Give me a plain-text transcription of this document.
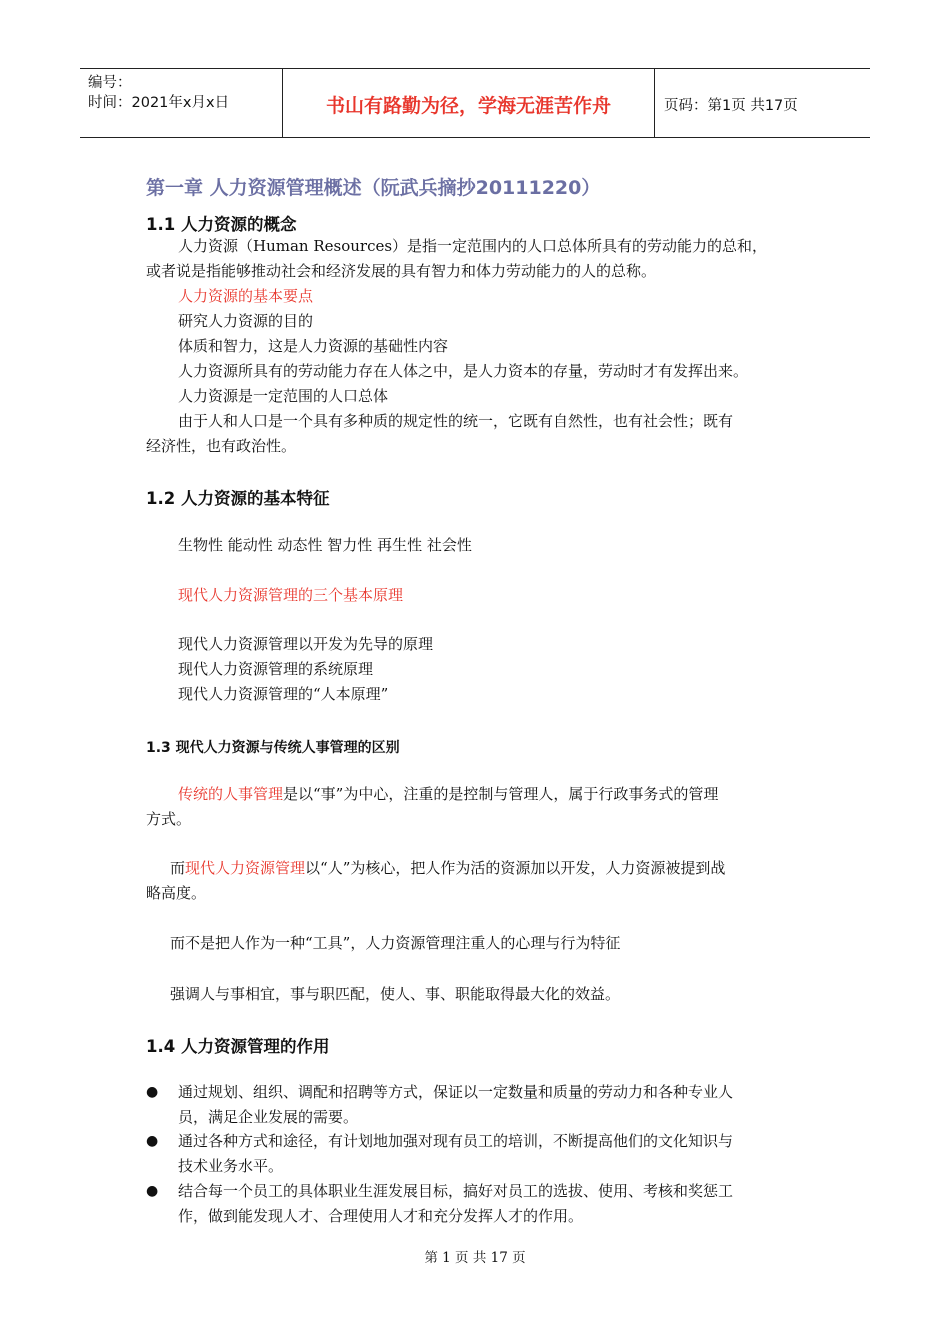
编号：
时间：2021年x月x日	书山有路勤为径，学海无涯苦作舟	页码：第1页 共17页
第一章 人力资源管理概述（阮武兵摘抄20111220）
1.1 人力资源的概念
人力资源（Human Resources）是指一定范围内的人口总体所具有的劳动能力的总和，
或者说是指能够推动社会和经济发展的具有智力和体力劳动能力的人的总称。
人力资源的基本要点
研究人力资源的目的
体质和智力，这是人力资源的基础性内容
人力资源所具有的劳动能力存在人体之中，是人力资本的存量，劳动时才有发挥出来。
人力资源是一定范围的人口总体
由于人和人口是一个具有多种质的规定性的统一，它既有自然性，也有社会性；既有
经济性，也有政治性。
1.2 人力资源的基本特征
生物性 能动性 动态性 智力性 再生性 社会性
现代人力资源管理的三个基本原理
现代人力资源管理以开发为先导的原理
现代人力资源管理的系统原理
现代人力资源管理的“人本原理”
1.3 现代人力资源与传统人事管理的区别
传统的人事管理是以“事”为中心，注重的是控制与管理人，属于行政事务式的管理
方式。
而现代人力资源管理以“人”为核心，把人作为活的资源加以开发，人力资源被提到战
略高度。
而不是把人作为一种“工具”，人力资源管理注重人的心理与行为特征
强调人与事相宜，事与职匹配，使人、事、职能取得最大化的效益。
1.4 人力资源管理的作用
● 通过规划、组织、调配和招聘等方式，保证以一定数量和质量的劳动力和各种专业人
员，满足企业发展的需要。
● 通过各种方式和途径，有计划地加强对现有员工的培训，不断提高他们的文化知识与
技术业务水平。
● 结合每一个员工的具体职业生涯发展目标，搞好对员工的选拔、使用、考核和奖惩工
作，做到能发现人才、合理使用人才和充分发挥人才的作用。
第 1 页 共 17 页
